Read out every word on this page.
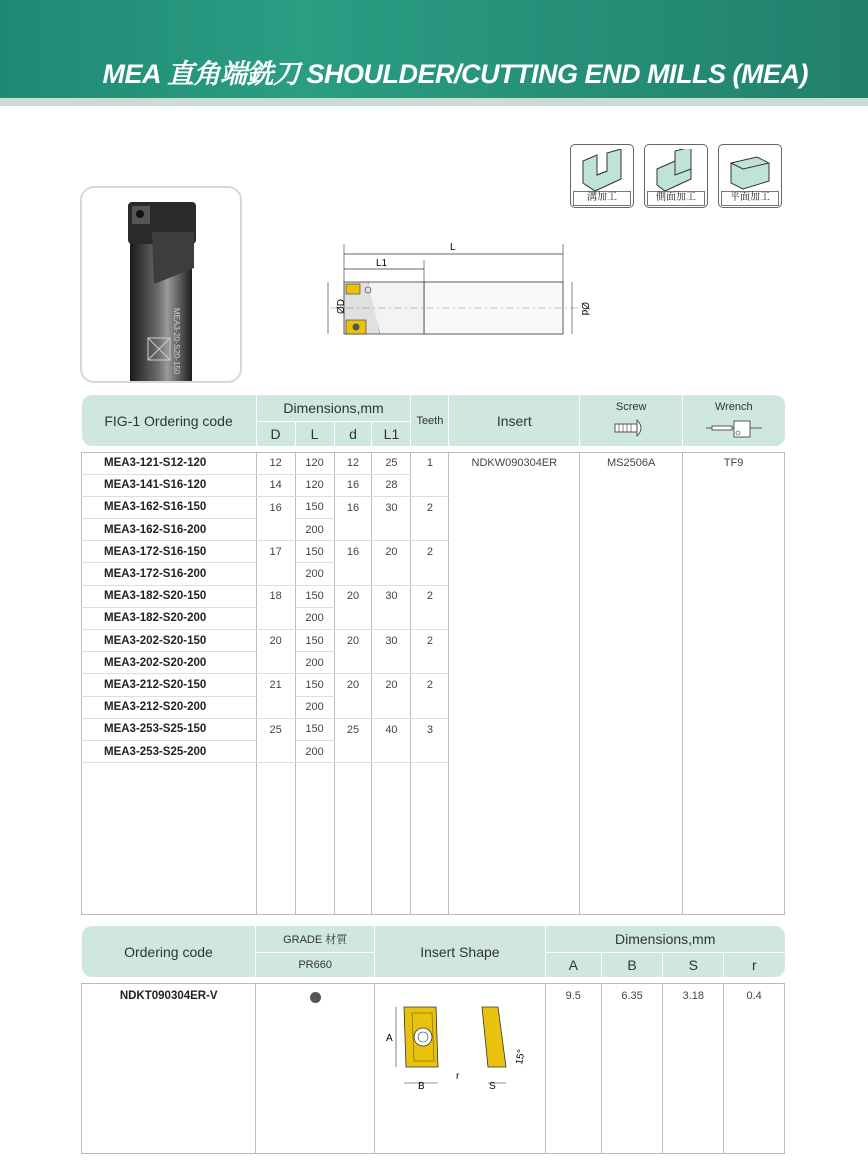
MEA 直角端銑刀 SHOULDER/CUTTING END MILLS (MEA)
溝加工	側面加工	平面加工
MEA3-20·S20-150
L
L1
ØD	Ød
FIG-1 Ordering code	Dimensions,mm				Teeth	Insert	Screw	Wrench

	D	L	d	L1				

MEA3-121-S12-120	12	120	12	25	1	NDKW090304ER	MS2506A	TF9
MEA3-141-S16-120	14	120	16	28				
MEA3-162-S16-150	16	150	16	30	2			
MEA3-162-S16-200		200						
MEA3-172-S16-150	17	150	16	20	2			
MEA3-172-S16-200		200						
MEA3-182-S20-150	18	150	20	30	2			
MEA3-182-S20-200		200						
MEA3-202-S20-150	20	150	20	30	2			
MEA3-202-S20-200		200						
MEA3-212-S20-150	21	150	20	20	2			
MEA3-212-S20-200		200						
MEA3-253-S25-150	25	150	25	40	3			
MEA3-253-S25-200		200						

Ordering code	GRADE 材質	Insert Shape	Dimensions,mm			
	PR660		A	B	S	r

NDKT090304ER-V		A
B
r
S
15°	9.5	6.35	3.18	0.4
